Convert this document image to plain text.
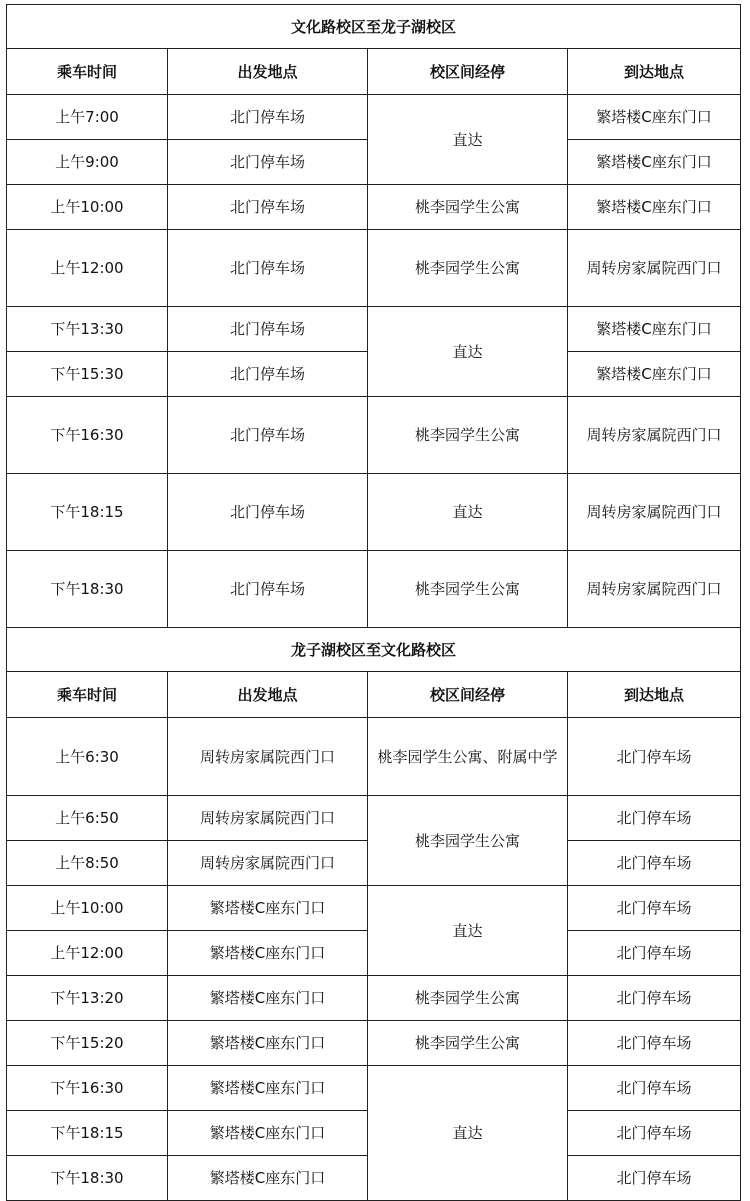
文化路校区至龙子湖校区			
乘车时间	出发地点	校区间经停	到达地点
上午7:00	北门停车场	直达	繁塔楼C座东门口
上午9:00	北门停车场		繁塔楼C座东门口
上午10:00	北门停车场	桃李园学生公寓	繁塔楼C座东门口
上午12:00	北门停车场	桃李园学生公寓	周转房家属院西门口
下午13:30	北门停车场	直达	繁塔楼C座东门口
下午15:30	北门停车场		繁塔楼C座东门口
下午16:30	北门停车场	桃李园学生公寓	周转房家属院西门口
下午18:15	北门停车场	直达	周转房家属院西门口
下午18:30	北门停车场	桃李园学生公寓	周转房家属院西门口
龙子湖校区至文化路校区			
乘车时间	出发地点	校区间经停	到达地点
上午6:30	周转房家属院西门口	桃李园学生公寓、附属中学	北门停车场
上午6:50	周转房家属院西门口	桃李园学生公寓	北门停车场
上午8:50	周转房家属院西门口		北门停车场
上午10:00	繁塔楼C座东门口	直达	北门停车场
上午12:00	繁塔楼C座东门口		北门停车场
下午13:20	繁塔楼C座东门口	桃李园学生公寓	北门停车场
下午15:20	繁塔楼C座东门口	桃李园学生公寓	北门停车场
下午16:30	繁塔楼C座东门口	直达	北门停车场
下午18:15	繁塔楼C座东门口		北门停车场
下午18:30	繁塔楼C座东门口		北门停车场
